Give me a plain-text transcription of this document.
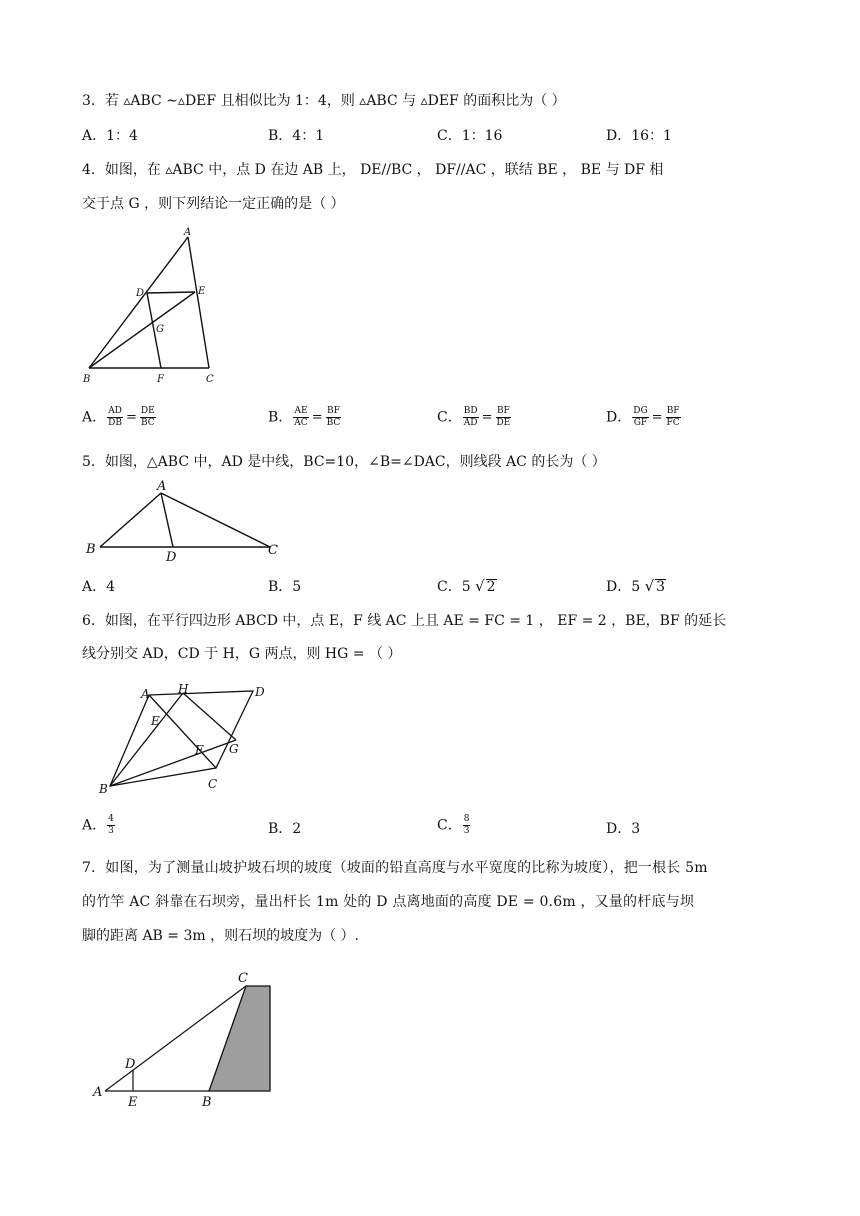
3．若 ▵ABC ∼▵DEF 且相似比为 1：4，则 ▵ABC 与 ▵DEF 的面积比为（ ）
A．1：4	B．4：1	C．1：16	D．16：1
4．如图，在 ▵ABC 中，点 D 在边 AB 上， DE//BC ， DF//AC ，联结 BE ， BE 与 DF 相
交于点 G ，则下列结论一定正确的是（ ）
A
D	E
G
B	F	C
A． $\frac{AD}{DB} = \frac{DE}{BC}$	B． $\frac{AE}{AC} = \frac{BF}{BC}$	C． $\frac{BD}{AD} = \frac{BF}{DE}$	D． $\frac{DG}{GF} = \frac{BF}{FC}$
5．如图，△ABC 中，AD 是中线，BC=10，∠B=∠DAC，则线段 AC 的长为（ ）
A
B
D	C
A．4	B．5	C．5 √ 2	D．5 √ 3
6．如图，在平行四边形 ABCD 中，点 E，F 线 AC 上且 AE = FC = 1 ， EF = 2 ，BE，BF 的延长
线分别交 AD，CD 于 H，G 两点，则 HG = （ ）
A H	D
E
F G
B	C
A． $\frac{4}{3}$	B．2	C． $\frac{8}{3}$	D．3
7．如图，为了测量山坡护坡石坝的坡度（坡面的铅直高度与水平宽度的比称为坡度），把一根长 5m
的竹竿 AC 斜靠在石坝旁，量出杆长 1m 处的 D 点离地面的高度 DE = 0.6m ，又量的杆底与坝
脚的距离 AB = 3m ，则石坝的坡度为（ ）.
C
D
A
E	B
